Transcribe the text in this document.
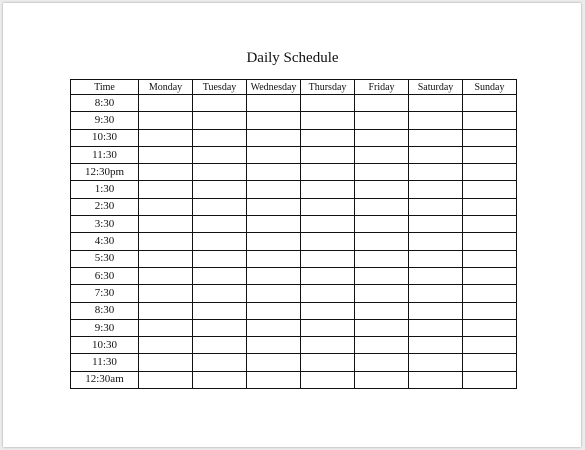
Daily Schedule
Time	Monday	Tuesday	Wednesday	Thursday	Friday	Saturday	Sunday
8:30							
9:30							
10:30							
11:30							
12:30pm							
1:30							
2:30							
3:30							
4:30							
5:30							
6:30							
7:30							
8:30							
9:30							
10:30							
11:30							
12:30am							
